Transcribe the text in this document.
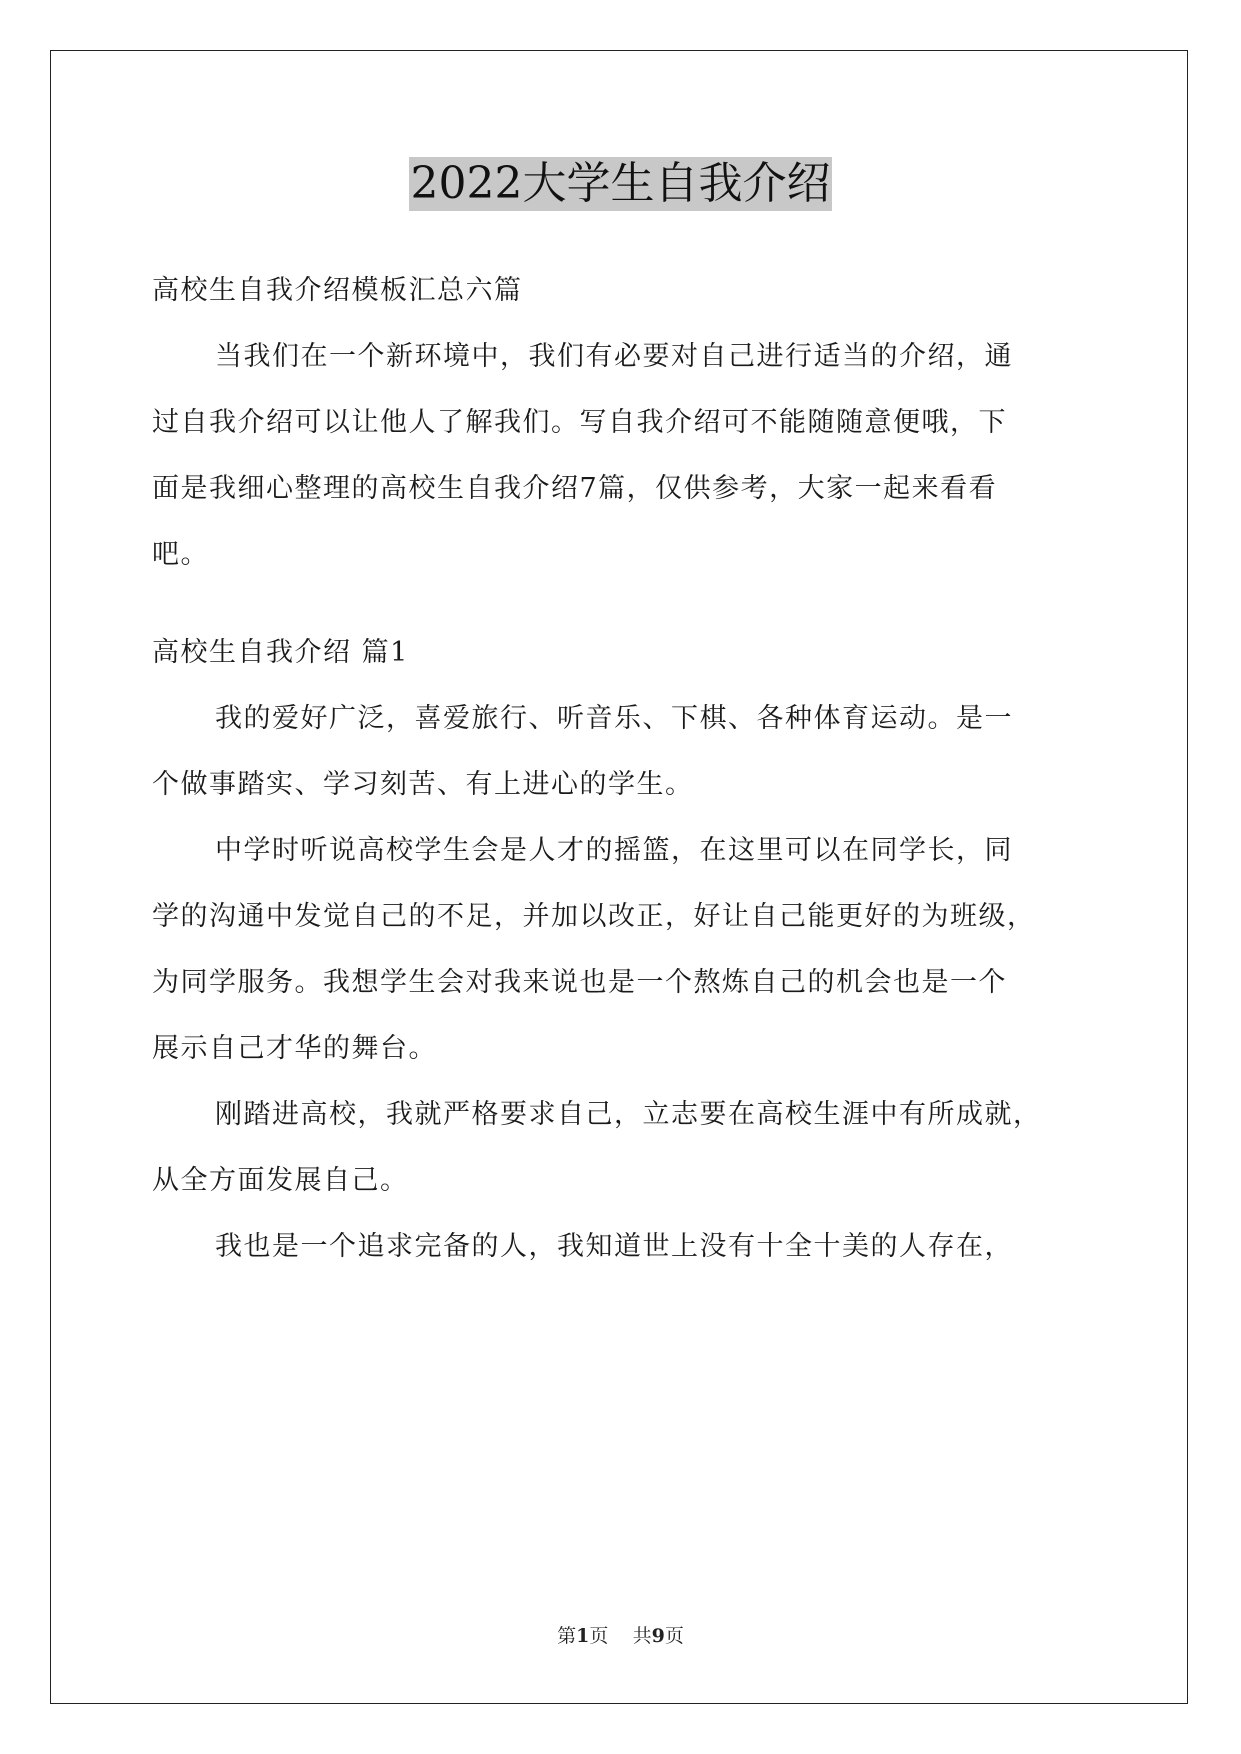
2022大学生自我介绍

高校生自我介绍模板汇总六篇

当我们在一个新环境中，我们有必要对自己进行适当的介绍，通

过自我介绍可以让他人了解我们。写自我介绍可不能随随意便哦，下

面是我细心整理的高校生自我介绍7篇，仅供参考，大家一起来看看

吧。

高校生自我介绍 篇1

我的爱好广泛，喜爱旅行、听音乐、下棋、各种体育运动。是一

个做事踏实、学习刻苦、有上进心的学生。

中学时听说高校学生会是人才的摇篮，在这里可以在同学长，同

学的沟通中发觉自己的不足，并加以改正，好让自己能更好的为班级，

为同学服务。我想学生会对我来说也是一个熬炼自己的机会也是一个

展示自己才华的舞台。

刚踏进高校，我就严格要求自己，立志要在高校生涯中有所成就，

从全方面发展自己。

我也是一个追求完备的人，我知道世上没有十全十美的人存在，

第1页 共9页
